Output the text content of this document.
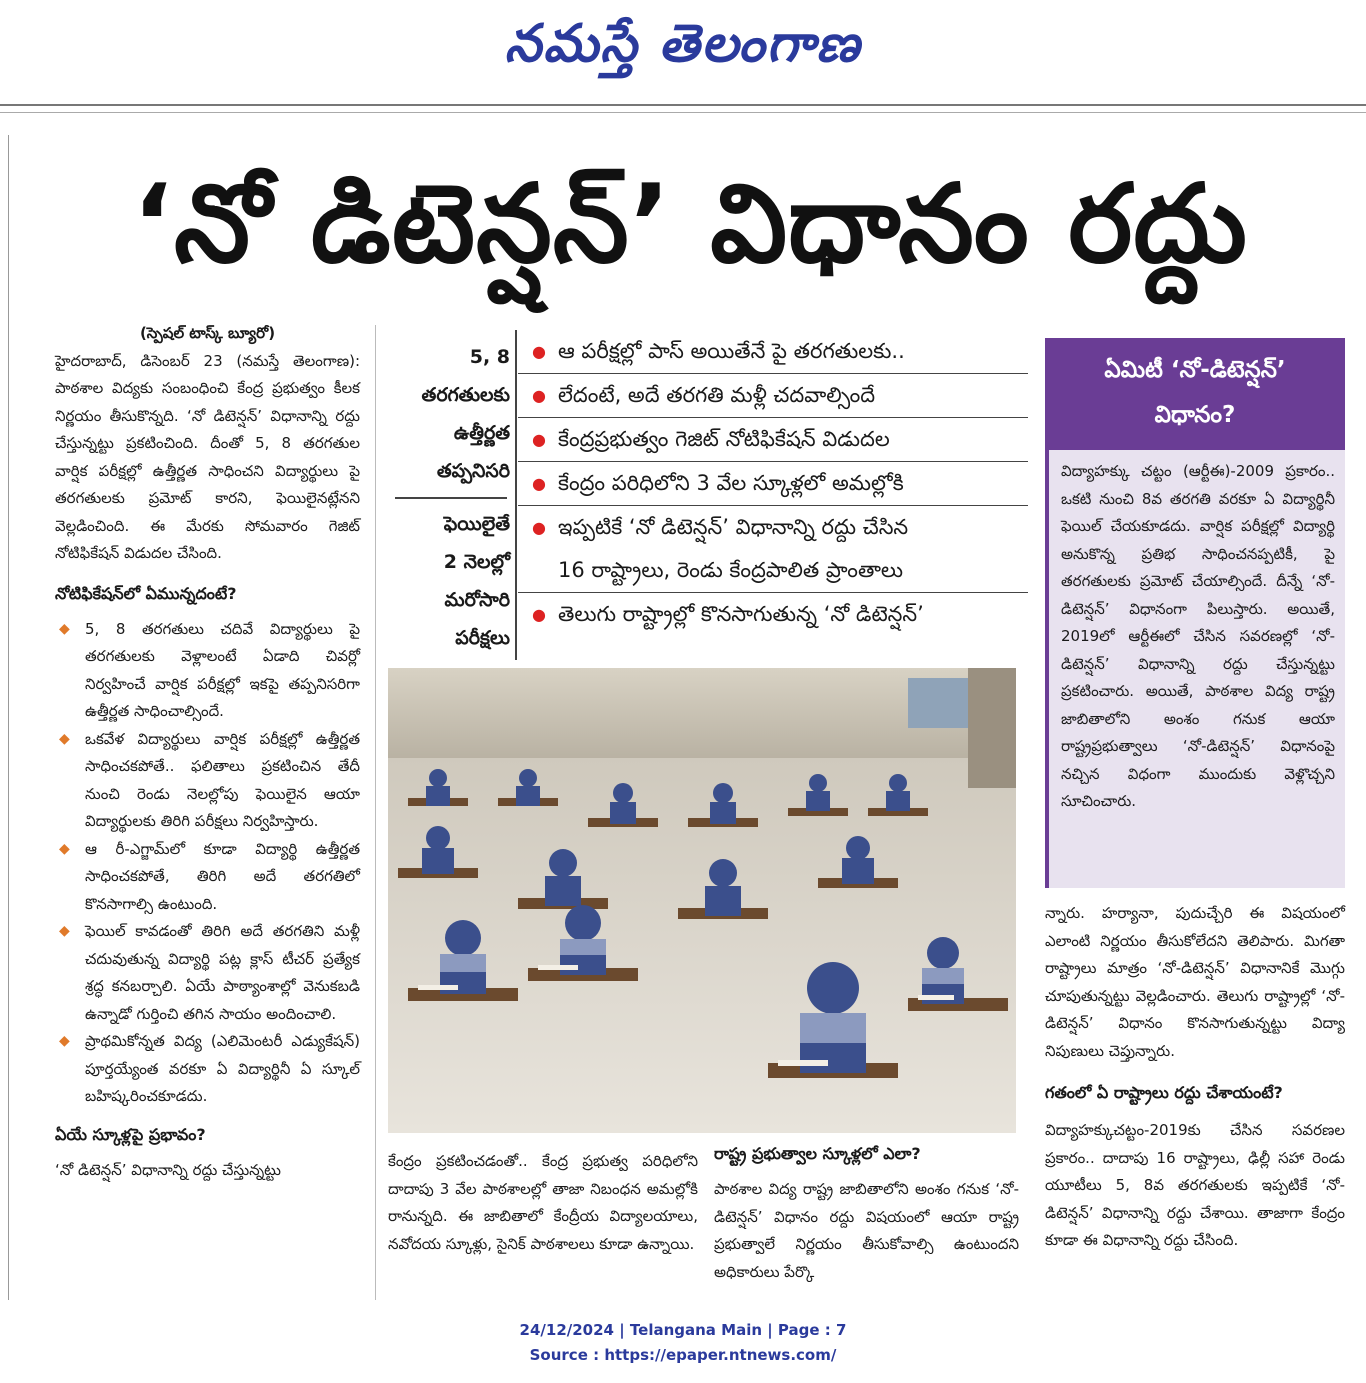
నమస్తే తెలంగాణ
‘నో డిటెన్షన్’ విధానం రద్దు
(స్పెషల్ టాస్క్ బ్యూరో)
హైదరాబాద్, డిసెంబర్ 23 (నమస్తే తెలంగాణ): పాఠశాల విద్యకు సంబంధించి కేంద్ర ప్రభుత్వం కీలక నిర్ణయం తీసుకొన్నది. ‘నో డిటెన్షన్’ విధానాన్ని రద్దు చేస్తున్నట్టు ప్రకటించింది. దీంతో 5, 8 తరగతుల వార్షిక పరీక్షల్లో ఉత్తీర్ణత సాధించని విద్యార్థులు పై తరగతులకు ప్రమోట్ కారని, ఫెయిలైనట్లేనని వెల్లడించింది. ఈ మేరకు సోమవారం గెజిట్ నోటిఫికేషన్ విడుదల చేసింది.
నోటిఫికేషన్‌లో ఏమున్నదంటే?
◆ 5, 8 తరగతులు చదివే విద్యార్థులు పై తరగతులకు వెళ్లాలంటే ఏడాది చివర్లో నిర్వహించే వార్షిక పరీక్షల్లో ఇకపై తప్పనిసరిగా ఉత్తీర్ణత సాధించాల్సిందే.
◆ ఒకవేళ విద్యార్థులు వార్షిక పరీక్షల్లో ఉత్తీర్ణత సాధించకపోతే.. ఫలితాలు ప్రకటించిన తేదీ నుంచి రెండు నెలల్లోపు ఫెయిలైన ఆయా విద్యార్థులకు తిరిగి పరీక్షలు నిర్వహిస్తారు.
◆ ఆ రీ-ఎగ్జామ్‌లో కూడా విద్యార్థి ఉత్తీర్ణత సాధించకపోతే, తిరిగి అదే తరగతిలో కొనసాగాల్సి ఉంటుంది.
◆ ఫెయిల్ కావడంతో తిరిగి అదే తరగతిని మళ్లీ చదువుతున్న విద్యార్థి పట్ల క్లాస్ టీచర్ ప్రత్యేక శ్రద్ధ కనబర్చాలి. ఏయే పాఠ్యాంశాల్లో వెనుకబడి ఉన్నాడో గుర్తించి తగిన సాయం అందించాలి.
◆ ప్రాథమికోన్నత విద్య (ఎలిమెంటరీ ఎడ్యుకేషన్) పూర్తయ్యేంత వరకూ ఏ విద్యార్థినీ ఏ స్కూల్ బహిష్కరించకూడదు.
ఏయే స్కూళ్లపై ప్రభావం?
‘నో డిటెన్షన్’ విధానాన్ని రద్దు చేస్తున్నట్టు
5, 8
తరగతులకు
ఉత్తీర్ణత
తప్పనిసరి
ఫెయిలైతే
2 నెలల్లో
మరోసారి
పరీక్షలు
● ఆ పరీక్షల్లో పాస్ అయితేనే పై తరగతులకు..
● లేదంటే, అదే తరగతి మళ్లీ చదవాల్సిందే
● కేంద్రప్రభుత్వం గెజిట్ నోటిఫికేషన్ విడుదల
● కేంద్రం పరిధిలోని 3 వేల స్కూళ్లలో అమల్లోకి
● ఇప్పటికే ‘నో డిటెన్షన్’ విధానాన్ని రద్దు చేసిన
16 రాష్ట్రాలు, రెండు కేంద్రపాలిత ప్రాంతాలు
● తెలుగు రాష్ట్రాల్లో కొనసాగుతున్న ‘నో డిటెన్షన్’
ఏమిటీ ‘నో-డిటెన్షన్’
విధానం?
విద్యాహక్కు చట్టం (ఆర్టీఈ)-2009 ప్రకారం.. ఒకటి నుంచి 8వ తరగతి వరకూ ఏ విద్యార్థినీ ఫెయిల్ చేయకూడదు. వార్షిక పరీక్షల్లో విద్యార్థి అనుకొన్న ప్రతిభ సాధించనప్పటికీ, పై తరగతులకు ప్రమోట్ చేయాల్సిందే. దీన్నే ‘నో-డిటెన్షన్’ విధానంగా పిలుస్తారు. అయితే, 2019లో ఆర్టీఈలో చేసిన సవరణల్లో ‘నో-డిటెన్షన్’ విధానాన్ని రద్దు చేస్తున్నట్టు ప్రకటించారు. అయితే, పాఠశాల విద్య రాష్ట్ర జాబితాలోని అంశం గనుక ఆయా రాష్ట్రప్రభుత్వాలు ‘నో-డిటెన్షన్’ విధానంపై నచ్చిన విధంగా ముందుకు వెళ్లొచ్చని సూచించారు.
కేంద్రం ప్రకటించడంతో.. కేంద్ర ప్రభుత్వ పరిధిలోని దాదాపు 3 వేల పాఠశాలల్లో తాజా నిబంధన అమల్లోకి రానున్నది. ఈ జాబితాలో కేంద్రీయ విద్యాలయాలు, నవోదయ స్కూళ్లు, సైనిక్ పాఠశాలలు కూడా ఉన్నాయి.
రాష్ట్ర ప్రభుత్వాల స్కూళ్లలో ఎలా?
పాఠశాల విద్య రాష్ట్ర జాబితాలోని అంశం గనుక ‘నో-డిటెన్షన్’ విధానం రద్దు విషయంలో ఆయా రాష్ట్ర ప్రభుత్వాలే నిర్ణయం తీసుకోవాల్సి ఉంటుందని అధికారులు పేర్కొ
న్నారు. హర్యానా, పుదుచ్చేరి ఈ విషయంలో ఎలాంటి నిర్ణయం తీసుకోలేదని తెలిపారు. మిగతా రాష్ట్రాలు మాత్రం ‘నో-డిటెన్షన్’ విధానానికే మొగ్గు చూపుతున్నట్టు వెల్లడించారు. తెలుగు రాష్ట్రాల్లో ‘నో-డిటెన్షన్’ విధానం కొనసాగుతున్నట్టు విద్యా నిపుణులు చెప్తున్నారు.
గతంలో ఏ రాష్ట్రాలు రద్దు చేశాయంటే?
విద్యాహక్కుచట్టం-2019కు చేసిన సవరణల ప్రకారం.. దాదాపు 16 రాష్ట్రాలు, ఢిల్లీ సహా రెండు యూటీలు 5, 8వ తరగతులకు ఇప్పటికే ‘నో-డిటెన్షన్’ విధానాన్ని రద్దు చేశాయి. తాజాగా కేంద్రం కూడా ఈ విధానాన్ని రద్దు చేసింది.
24/12/2024 | Telangana Main | Page : 7
Source : https://epaper.ntnews.com/
